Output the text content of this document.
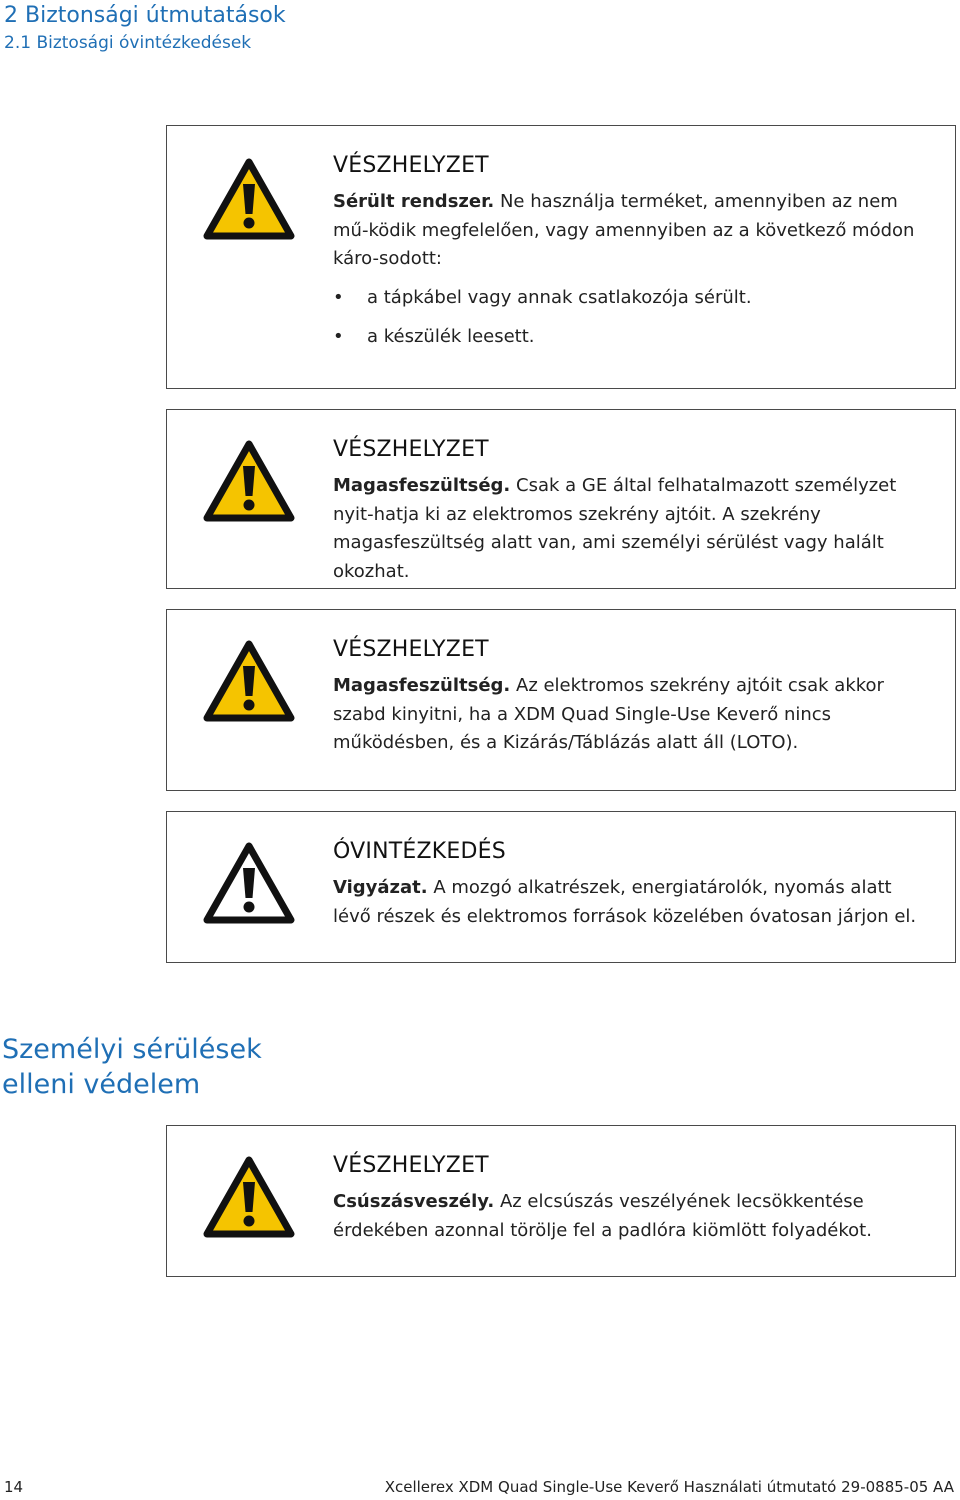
2 Biztonsági útmutatások
2.1 Biztosági óvintézkedések
VÉSZHELYZET

Sérült rendszer. Ne használja terméket, amennyiben az nem mű-ködik megfelelően, vagy amennyiben az a következő módon káro-sodott:

• a tápkábel vagy annak csatlakozója sérült.
• a készülék leesett.
VÉSZHELYZET

Magasfeszültség. Csak a GE által felhatalmazott személyzet nyit-hatja ki az elektromos szekrény ajtóit. A szekrény magasfeszültség alatt van, ami személyi sérülést vagy halált okozhat.

VÉSZHELYZET

Magasfeszültség. Az elektromos szekrény ajtóit csak akkor szabd kinyitni, ha a XDM Quad Single-Use Keverő nincs működésben, és a Kizárás/Táblázás alatt áll (LOTO).

ÓVINTÉZKEDÉS

Vigyázat. A mozgó alkatrészek, energiatárolók, nyomás alatt lévő részek és elektromos források közelében óvatosan járjon el.

Személyi sérülések elleni védelem
VÉSZHELYZET

Csúszásveszély. Az elcsúszás veszélyének lecsökkentése érdekében azonnal törölje fel a padlóra kiömlött folyadékot.

14	Xcellerex XDM Quad Single-Use Keverő Használati útmutató 29-0885-05 AA
